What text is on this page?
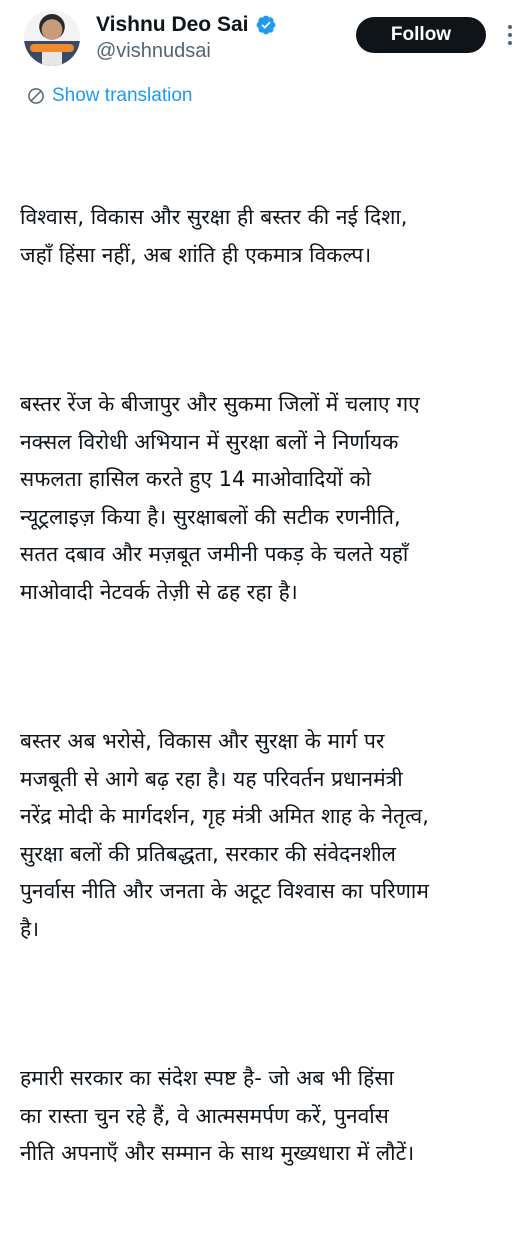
Vishnu Deo Sai
@vishnudsai
Follow
Show translation

विश्वास, विकास और सुरक्षा ही बस्तर की नई दिशा,
जहाँ हिंसा नहीं, अब शांति ही एकमात्र विकल्प।

बस्तर रेंज के बीजापुर और सुकमा जिलों में चलाए गए
नक्सल विरोधी अभियान में सुरक्षा बलों ने निर्णायक
सफलता हासिल करते हुए 14 माओवादियों को
न्यूट्रलाइज़ किया है। सुरक्षाबलों की सटीक रणनीति,
सतत दबाव और मज़बूत जमीनी पकड़ के चलते यहाँ
माओवादी नेटवर्क तेज़ी से ढह रहा है।

बस्तर अब भरोसे, विकास और सुरक्षा के मार्ग पर
मजबूती से आगे बढ़ रहा है। यह परिवर्तन प्रधानमंत्री
नरेंद्र मोदी के मार्गदर्शन, गृह मंत्री अमित शाह के नेतृत्व,
सुरक्षा बलों की प्रतिबद्धता, सरकार की संवेदनशील
पुनर्वास नीति और जनता के अटूट विश्वास का परिणाम
है।

हमारी सरकार का संदेश स्पष्ट है- जो अब भी हिंसा
का रास्ता चुन रहे हैं, वे आत्मसमर्पण करें, पुनर्वास
नीति अपनाएँ और सम्मान के साथ मुख्यधारा में लौटें।
